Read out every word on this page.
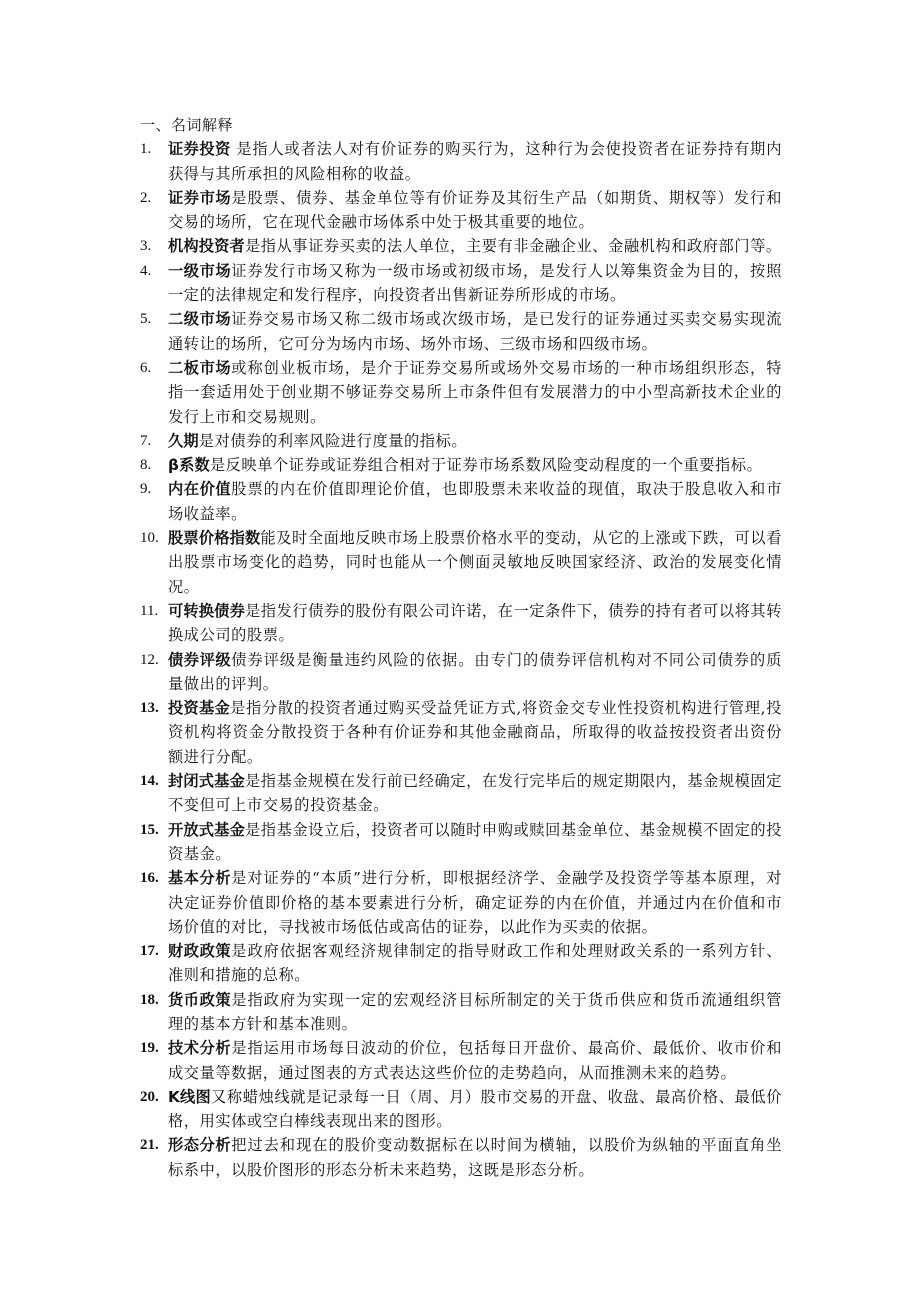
一、名词解释
1.	证券投资 是指人或者法人对有价证券的购买行为，这种行为会使投资者在证券持有期内获得与其所承担的风险相称的收益。
2.	证券市场是股票、债券、基金单位等有价证券及其衍生产品（如期货、期权等）发行和交易的场所，它在现代金融市场体系中处于极其重要的地位。
3.	机构投资者是指从事证券买卖的法人单位，主要有非金融企业、金融机构和政府部门等。
4.	一级市场证券发行市场又称为一级市场或初级市场，是发行人以筹集资金为目的，按照一定的法律规定和发行程序，向投资者出售新证券所形成的市场。
5.	二级市场证券交易市场又称二级市场或次级市场，是已发行的证券通过买卖交易实现流通转让的场所，它可分为场内市场、场外市场、三级市场和四级市场。
6.	二板市场或称创业板市场，是介于证券交易所或场外交易市场的一种市场组织形态，特指一套适用处于创业期不够证券交易所上市条件但有发展潜力的中小型高新技术企业的发行上市和交易规则。
7.	久期是对债券的利率风险进行度量的指标。
8.	β系数是反映单个证券或证券组合相对于证券市场系数风险变动程度的一个重要指标。
9.	内在价值股票的内在价值即理论价值，也即股票未来收益的现值，取决于股息收入和市场收益率。
10. 股票价格指数能及时全面地反映市场上股票价格水平的变动，从它的上涨或下跌，可以看出股票市场变化的趋势，同时也能从一个侧面灵敏地反映国家经济、政治的发展变化情况。
11. 可转换债券是指发行债券的股份有限公司许诺，在一定条件下，债券的持有者可以将其转换成公司的股票。
12. 债券评级债券评级是衡量违约风险的依据。由专门的债券评信机构对不同公司债券的质量做出的评判。
13. 投资基金是指分散的投资者通过购买受益凭证方式,将资金交专业性投资机构进行管理,投资机构将资金分散投资于各种有价证券和其他金融商品，所取得的收益按投资者出资份额进行分配。
14. 封闭式基金是指基金规模在发行前已经确定，在发行完毕后的规定期限内，基金规模固定不变但可上市交易的投资基金。
15. 开放式基金是指基金设立后，投资者可以随时申购或赎回基金单位、基金规模不固定的投资基金。
16. 基本分析是对证券的“本质”进行分析，即根据经济学、金融学及投资学等基本原理，对决定证券价值即价格的基本要素进行分析，确定证券的内在价值，并通过内在价值和市场价值的对比，寻找被市场低估或高估的证券，以此作为买卖的依据。
17. 财政政策是政府依据客观经济规律制定的指导财政工作和处理财政关系的一系列方针、准则和措施的总称。
18. 货币政策是指政府为实现一定的宏观经济目标所制定的关于货币供应和货币流通组织管理的基本方针和基本准则。
19. 技术分析是指运用市场每日波动的价位，包括每日开盘价、最高价、最低价、收市价和成交量等数据，通过图表的方式表达这些价位的走势趋向，从而推测未来的趋势。
20. K线图又称蜡烛线就是记录每一日（周、月）股市交易的开盘、收盘、最高价格、最低价格，用实体或空白棒线表现出来的图形。
21. 形态分析把过去和现在的股价变动数据标在以时间为横轴，以股价为纵轴的平面直角坐标系中，以股价图形的形态分析未来趋势，这既是形态分析。
